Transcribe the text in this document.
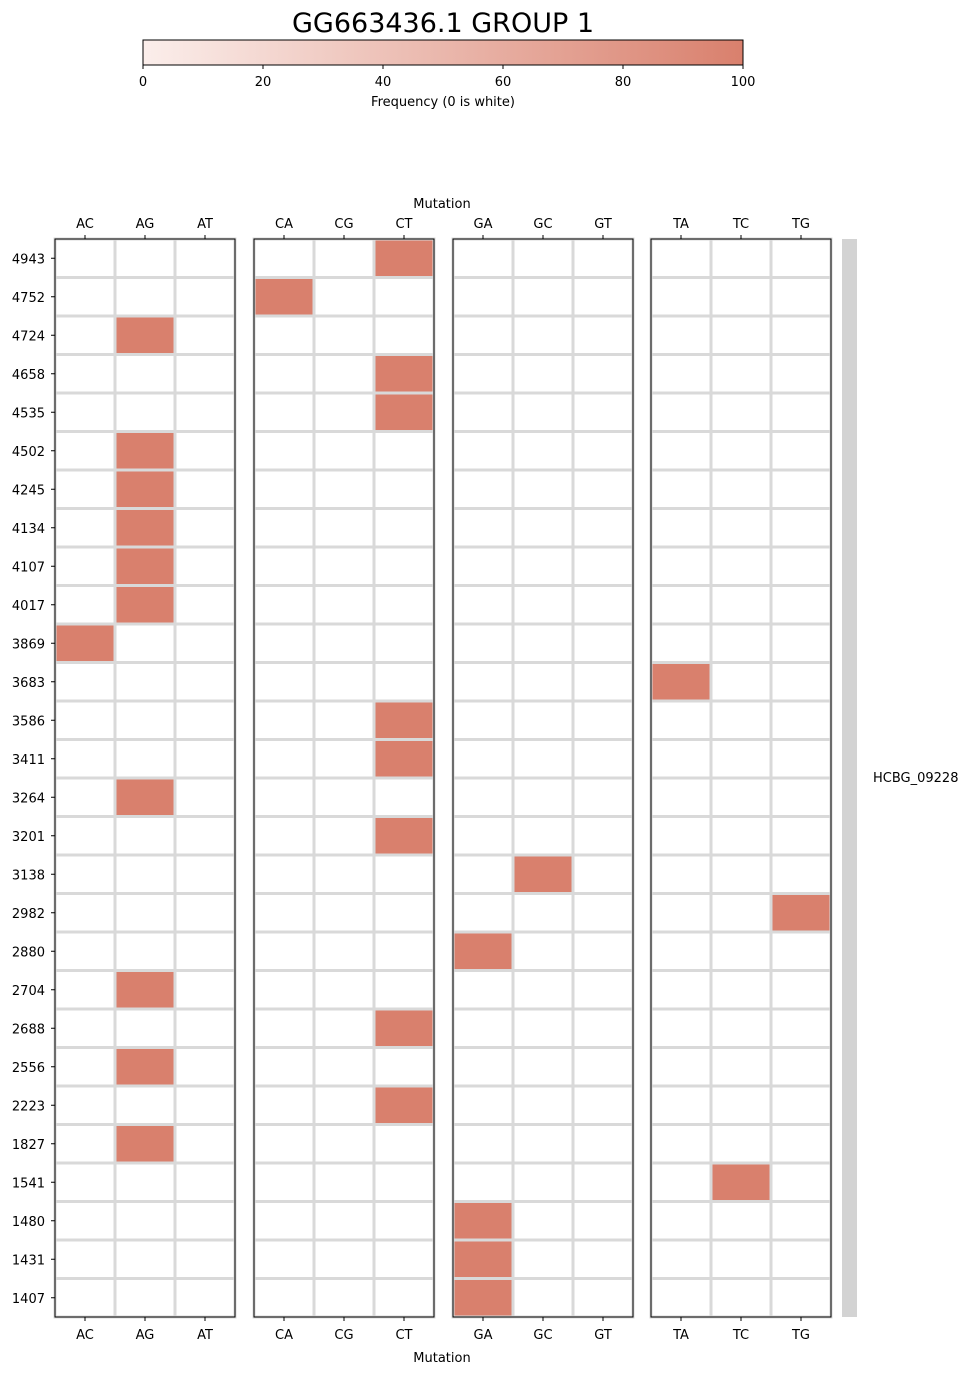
GG663436.1 GROUP 1
0	20	40	60	80	100
Frequency (0 is white)
Mutation
Mutation
AC
AC
AG
AG
AT
AT
CA
CA
CG
CG
CT
CT
GA
GA
GC
GC
GT
GT
TA
TA
TC
TC
TG
TG
4943
4752
4724
4658
4535
4502
4245
4134
4107
4017
3869
3683
3586
3411
3264
3201
3138
2982
2880
2704
2688
2556
2223
1827
1541
1480
1431
1407
HCBG_09228
